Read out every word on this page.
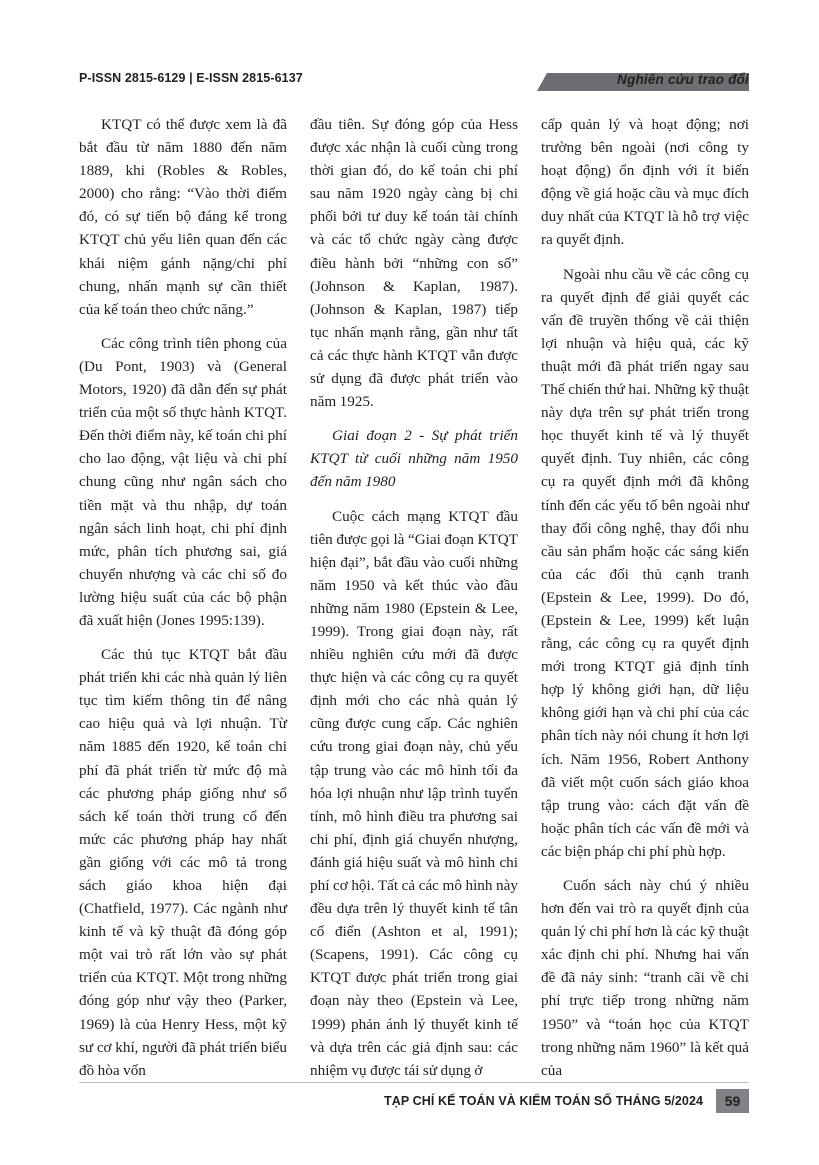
P-ISSN 2815-6129 | E-ISSN 2815-6137	Nghiên cứu trao đổi

KTQT có thể được xem là đã bắt đầu từ năm 1880 đến năm 1889, khi (Robles & Robles, 2000) cho rằng: “Vào thời điểm đó, có sự tiến bộ đáng kể trong KTQT chủ yếu liên quan đến các khái niệm gánh nặng/chi phí chung, nhấn mạnh sự cần thiết của kế toán theo chức năng.”

Các công trình tiên phong của (Du Pont, 1903) và (General Motors, 1920) đã dẫn đến sự phát triển của một số thực hành KTQT. Đến thời điểm này, kế toán chi phí cho lao động, vật liệu và chi phí chung cũng như ngân sách cho tiền mặt và thu nhập, dự toán ngân sách linh hoạt, chi phí định mức, phân tích phương sai, giá chuyển nhượng và các chỉ số đo lường hiệu suất của các bộ phận đã xuất hiện (Jones 1995:139).

Các thủ tục KTQT bắt đầu phát triển khi các nhà quản lý liên tục tìm kiếm thông tin để nâng cao hiệu quả và lợi nhuận. Từ năm 1885 đến 1920, kế toán chi phí đã phát triển từ mức độ mà các phương pháp giống như sổ sách kế toán thời trung cổ đến mức các phương pháp hay nhất gần giống với các mô tả trong sách giáo khoa hiện đại (Chatfield, 1977). Các ngành như kinh tế và kỹ thuật đã đóng góp một vai trò rất lớn vào sự phát triển của KTQT. Một trong những đóng góp như vậy theo (Parker, 1969) là của Henry Hess, một kỹ sư cơ khí, người đã phát triển biểu đồ hòa vốn

đầu tiên. Sự đóng góp của Hess được xác nhận là cuối cùng trong thời gian đó, do kế toán chi phí sau năm 1920 ngày càng bị chi phối bởi tư duy kế toán tài chính và các tổ chức ngày càng được điều hành bởi “những con số” (Johnson & Kaplan, 1987). (Johnson & Kaplan, 1987) tiếp tục nhấn mạnh rằng, gần như tất cả các thực hành KTQT vẫn được sử dụng đã được phát triển vào năm 1925.

Giai đoạn 2 - Sự phát triển KTQT từ cuối những năm 1950 đến năm 1980

Cuộc cách mạng KTQT đầu tiên được gọi là “Giai đoạn KTQT hiện đại”, bắt đầu vào cuối những năm 1950 và kết thúc vào đầu những năm 1980 (Epstein & Lee, 1999). Trong giai đoạn này, rất nhiều nghiên cứu mới đã được thực hiện và các công cụ ra quyết định mới cho các nhà quản lý cũng được cung cấp. Các nghiên cứu trong giai đoạn này, chủ yếu tập trung vào các mô hình tối đa hóa lợi nhuận như lập trình tuyến tính, mô hình điều tra phương sai chi phí, định giá chuyển nhượng, đánh giá hiệu suất và mô hình chi phí cơ hội. Tất cả các mô hình này đều dựa trên lý thuyết kinh tế tân cổ điển (Ashton et al, 1991); (Scapens, 1991). Các công cụ KTQT được phát triển trong giai đoạn này theo (Epstein và Lee, 1999) phản ánh lý thuyết kinh tế và dựa trên các giả định sau: các nhiệm vụ được tái sử dụng ở

cấp quản lý và hoạt động; nơi trường bên ngoài (nơi công ty hoạt động) ổn định với ít biến động về giá hoặc cầu và mục đích duy nhất của KTQT là hỗ trợ việc ra quyết định.

Ngoài nhu cầu về các công cụ ra quyết định để giải quyết các vấn đề truyền thống về cải thiện lợi nhuận và hiệu quả, các kỹ thuật mới đã phát triển ngay sau Thế chiến thứ hai. Những kỹ thuật này dựa trên sự phát triển trong học thuyết kinh tế và lý thuyết quyết định. Tuy nhiên, các công cụ ra quyết định mới đã không tính đến các yếu tố bên ngoài như thay đổi công nghệ, thay đổi nhu cầu sản phẩm hoặc các sáng kiến của các đối thủ cạnh tranh (Epstein & Lee, 1999). Do đó, (Epstein & Lee, 1999) kết luận rằng, các công cụ ra quyết định mới trong KTQT giả định tính hợp lý không giới hạn, dữ liệu không giới hạn và chi phí của các phân tích này nói chung ít hơn lợi ích. Năm 1956, Robert Anthony đã viết một cuốn sách giáo khoa tập trung vào: cách đặt vấn đề hoặc phân tích các vấn đề mới và các biện pháp chi phí phù hợp.

Cuốn sách này chú ý nhiều hơn đến vai trò ra quyết định của quản lý chi phí hơn là các kỹ thuật xác định chi phí. Nhưng hai vấn đề đã nảy sinh: “tranh cãi về chi phí trực tiếp trong những năm 1950” và “toán học của KTQT trong những năm 1960” là kết quả của

TẠP CHÍ KẾ TOÁN VÀ KIỂM TOÁN SỐ THÁNG 5/2024	59
